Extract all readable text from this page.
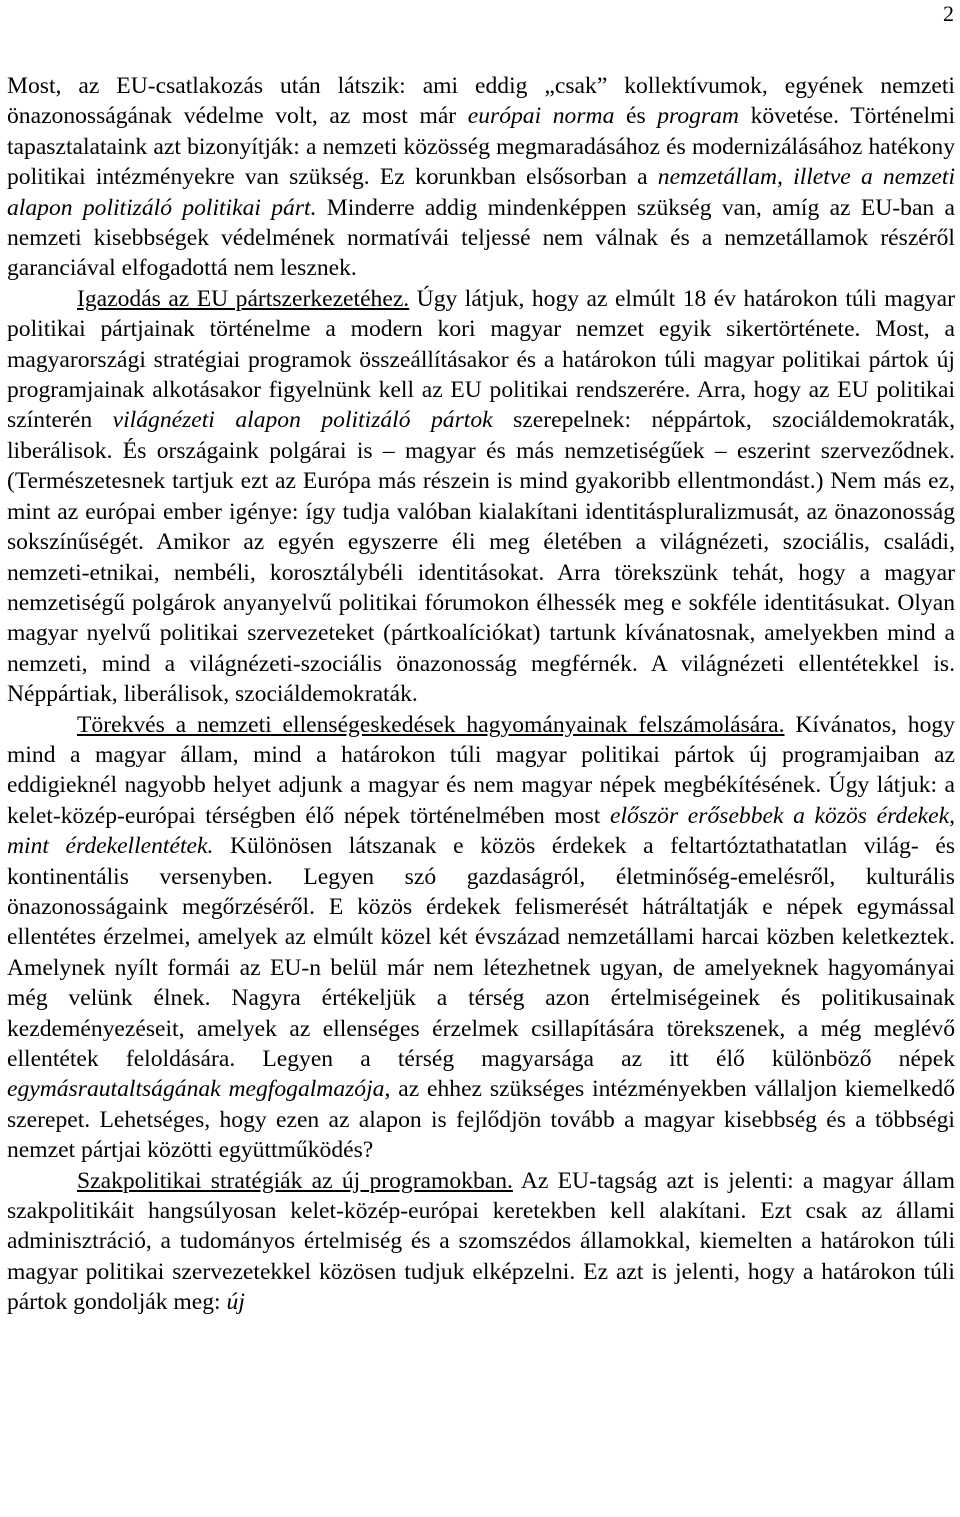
2

Most, az EU-csatlakozás után látszik: ami eddig „csak” kollektívumok, egyének nemzeti önazonosságának védelme volt, az most már európai norma és program követése. Történelmi tapasztalataink azt bizonyítják: a nemzeti közösség megmaradásához és modernizálásához hatékony politikai intézményekre van szükség. Ez korunkban elsősorban a nemzetállam, illetve a nemzeti alapon politizáló politikai párt. Minderre addig mindenképpen szükség van, amíg az EU-ban a nemzeti kisebbségek védelmének normatívái teljessé nem válnak és a nemzetállamok részéről garanciával elfogadottá nem lesznek.

Igazodás az EU pártszerkezetéhez. Úgy látjuk, hogy az elmúlt 18 év határokon túli magyar politikai pártjainak történelme a modern kori magyar nemzet egyik sikertörténete. Most, a magyarországi stratégiai programok összeállításakor és a határokon túli magyar politikai pártok új programjainak alkotásakor figyelnünk kell az EU politikai rendszerére. Arra, hogy az EU politikai színterén világnézeti alapon politizáló pártok szerepelnek: néppártok, szociáldemokraták, liberálisok. És országaink polgárai is – magyar és más nemzetiségűek – eszerint szerveződnek. (Természetesnek tartjuk ezt az Európa más részein is mind gyakoribb ellentmondást.) Nem más ez, mint az európai ember igénye: így tudja valóban kialakítani identitáspluralizmusát, az önazonosság sokszínűségét. Amikor az egyén egyszerre éli meg életében a világnézeti, szociális, családi, nemzeti-etnikai, nembéli, korosztálybéli identitásokat. Arra törekszünk tehát, hogy a magyar nemzetiségű polgárok anyanyelvű politikai fórumokon élhessék meg e sokféle identitásukat. Olyan magyar nyelvű politikai szervezeteket (pártkoalíciókat) tartunk kívánatosnak, amelyekben mind a nemzeti, mind a világnézeti-szociális önazonosság megférnék. A világnézeti ellentétekkel is. Néppártiak, liberálisok, szociáldemokraták.

Törekvés a nemzeti ellenségeskedések hagyományainak felszámolására. Kívánatos, hogy mind a magyar állam, mind a határokon túli magyar politikai pártok új programjaiban az eddigieknél nagyobb helyet adjunk a magyar és nem magyar népek megbékítésének. Úgy látjuk: a kelet-közép-európai térségben élő népek történelmében most először erősebbek a közös érdekek, mint érdekellentétek. Különösen látszanak e közös érdekek a feltartóztathatatlan világ- és kontinentális versenyben. Legyen szó gazdaságról, életminőség-emelésről, kulturális önazonosságaink megőrzéséről. E közös érdekek felismerését hátráltatják e népek egymással ellentétes érzelmei, amelyek az elmúlt közel két évszázad nemzetállami harcai közben keletkeztek. Amelynek nyílt formái az EU-n belül már nem létezhetnek ugyan, de amelyeknek hagyományai még velünk élnek. Nagyra értékeljük a térség azon értelmiségeinek és politikusainak kezdeményezéseit, amelyek az ellenséges érzelmek csillapítására törekszenek, a még meglévő ellentétek feloldására. Legyen a térség magyarsága az itt élő különböző népek egymásrautaltságának megfogalmazója, az ehhez szükséges intézményekben vállaljon kiemelkedő szerepet. Lehetséges, hogy ezen az alapon is fejlődjön tovább a magyar kisebbség és a többségi nemzet pártjai közötti együttműködés?

Szakpolitikai stratégiák az új programokban. Az EU-tagság azt is jelenti: a magyar állam szakpolitikáit hangsúlyosan kelet-közép-európai keretekben kell alakítani. Ezt csak az állami adminisztráció, a tudományos értelmiség és a szomszédos államokkal, kiemelten a határokon túli magyar politikai szervezetekkel közösen tudjuk elképzelni. Ez azt is jelenti, hogy a határokon túli pártok gondolják meg: új
